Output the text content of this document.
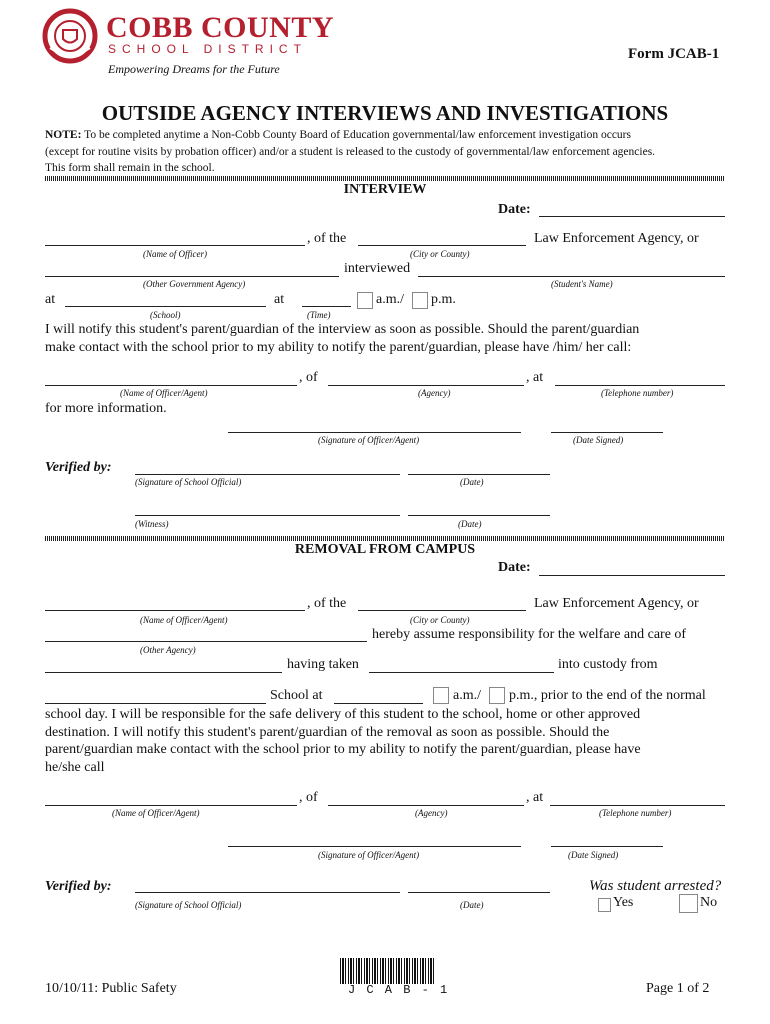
COBB COUNTY
SCHOOL DISTRICT
Empowering Dreams for the Future
Form JCAB-1
OUTSIDE AGENCY INTERVIEWS AND INVESTIGATIONS
NOTE: To be completed anytime a Non-Cobb County Board of Education governmental/law enforcement investigation occurs
(except for routine visits by probation officer) and/or a student is released to the custody of governmental/law enforcement agencies.
This form shall remain in the school.
INTERVIEW
Date:
, of the	Law Enforcement Agency, or
(Name of Officer)	(City or County)
interviewed
(Other Government Agency)	(Student's Name)
at	at	a.m./ p.m.
(School)	(Time)
I will notify this student's parent/guardian of the interview as soon as possible. Should the parent/guardian
make contact with the school prior to my ability to notify the parent/guardian, please have /him/ her call:
, of	, at
(Name of Officer/Agent)	(Agency)	(Telephone number)
for more information.
(Signature of Officer/Agent)	(Date Signed)
Verified by:
(Signature of School Official)	(Date)
(Witness)	(Date)
REMOVAL FROM CAMPUS
Date:
, of the	Law Enforcement Agency, or
(Name of Officer/Agent)	(City or County)
hereby assume responsibility for the welfare and care of
(Other Agency)
having taken	into custody from
School at	a.m./ p.m., prior to the end of the normal
school day. I will be responsible for the safe delivery of this student to the school, home or other approved
destination. I will notify this student's parent/guardian of the removal as soon as possible. Should the
parent/guardian make contact with the school prior to my ability to notify the parent/guardian, please have
he/she call
, of	, at
(Name of Officer/Agent)	(Agency)	(Telephone number)
(Signature of Officer/Agent)	(Date Signed)
Verified by:
(Signature of School Official)	(Date)
Was student arrested?
Yes	No
10/10/11: Public Safety	J C A B - 1	Page 1 of 2
